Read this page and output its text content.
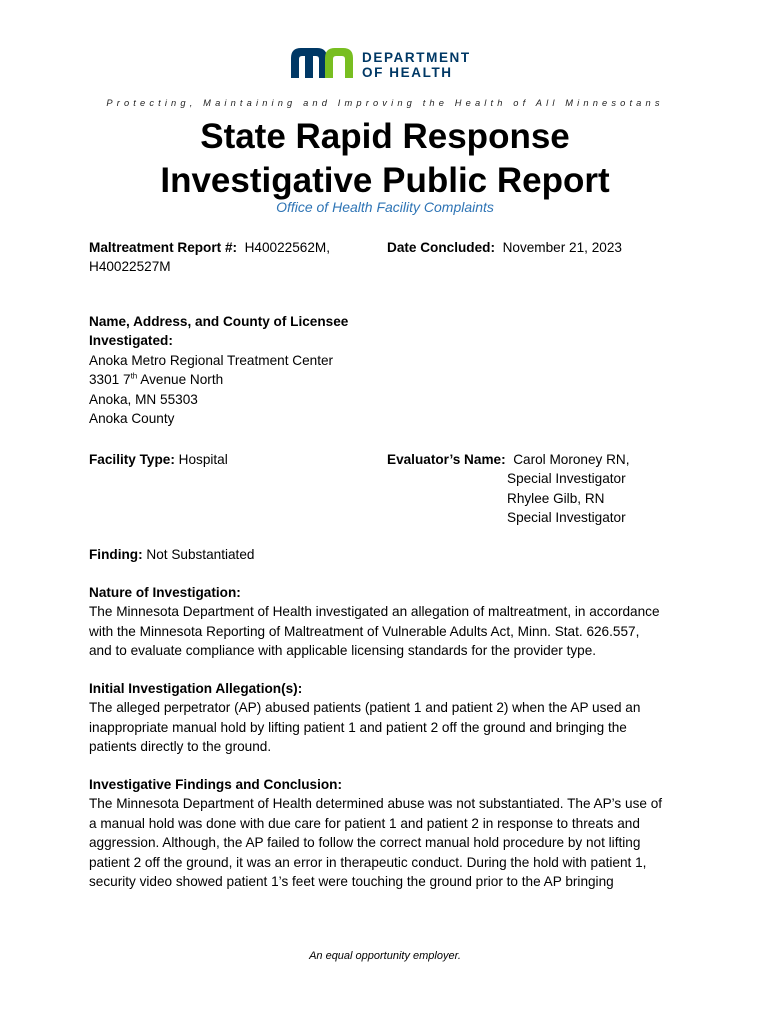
DEPARTMENT
OF HEALTH
Protecting, Maintaining and Improving the Health of All Minnesotans
State Rapid Response
Investigative Public Report
Office of Health Facility Complaints
Maltreatment Report #: H40022562M,
H40022527M
Date Concluded: November 21, 2023
Name, Address, and County of Licensee
Investigated:
Anoka Metro Regional Treatment Center
3301 7th Avenue North
Anoka, MN 55303
Anoka County
Facility Type: Hospital	Evaluator’s Name: Carol Moroney RN,
Special Investigator
Rhylee Gilb, RN
Special Investigator
Finding: Not Substantiated
Nature of Investigation:
The Minnesota Department of Health investigated an allegation of maltreatment, in accordance
with the Minnesota Reporting of Maltreatment of Vulnerable Adults Act, Minn. Stat. 626.557,
and to evaluate compliance with applicable licensing standards for the provider type.
Initial Investigation Allegation(s):
The alleged perpetrator (AP) abused patients (patient 1 and patient 2) when the AP used an
inappropriate manual hold by lifting patient 1 and patient 2 off the ground and bringing the
patients directly to the ground.
Investigative Findings and Conclusion:
The Minnesota Department of Health determined abuse was not substantiated. The AP’s use of
a manual hold was done with due care for patient 1 and patient 2 in response to threats and
aggression. Although, the AP failed to follow the correct manual hold procedure by not lifting
patient 2 off the ground, it was an error in therapeutic conduct. During the hold with patient 1,
security video showed patient 1’s feet were touching the ground prior to the AP bringing
An equal opportunity employer.
